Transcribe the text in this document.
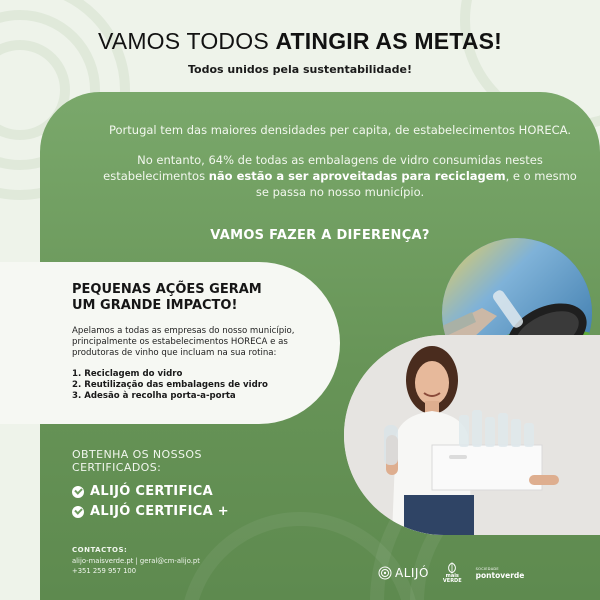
VAMOS TODOS ATINGIR AS METAS!
Todos unidos pela sustentabilidade!

Portugal tem das maiores densidades per capita, de estabelecimentos HORECA.

No entanto, 64% de todas as embalagens de vidro consumidas nestes estabelecimentos não estão a ser aproveitadas para reciclagem, e o mesmo se passa no nosso município.

VAMOS FAZER A DIFERENÇA?
OBTENHA OS NOSSOS
CERTIFICADOS:
ALIJÓ CERTIFICA
ALIJÓ CERTIFICA +
CONTACTOS:
alijo-maisverde.pt | geral@cm-alijo.pt
+351 259 957 100	ALIJÓ	mais
VERDE
SOCIEDADE
pontoverde
PEQUENAS AÇÕES GERAM
UM GRANDE IMPACTO!
Apelamos a todas as empresas do nosso município, principalmente os estabelecimentos HORECA e as produtoras de vinho que incluam na sua rotina:
1. Reciclagem do vidro
2. Reutilização das embalagens de vidro
3. Adesão à recolha porta-a-porta
